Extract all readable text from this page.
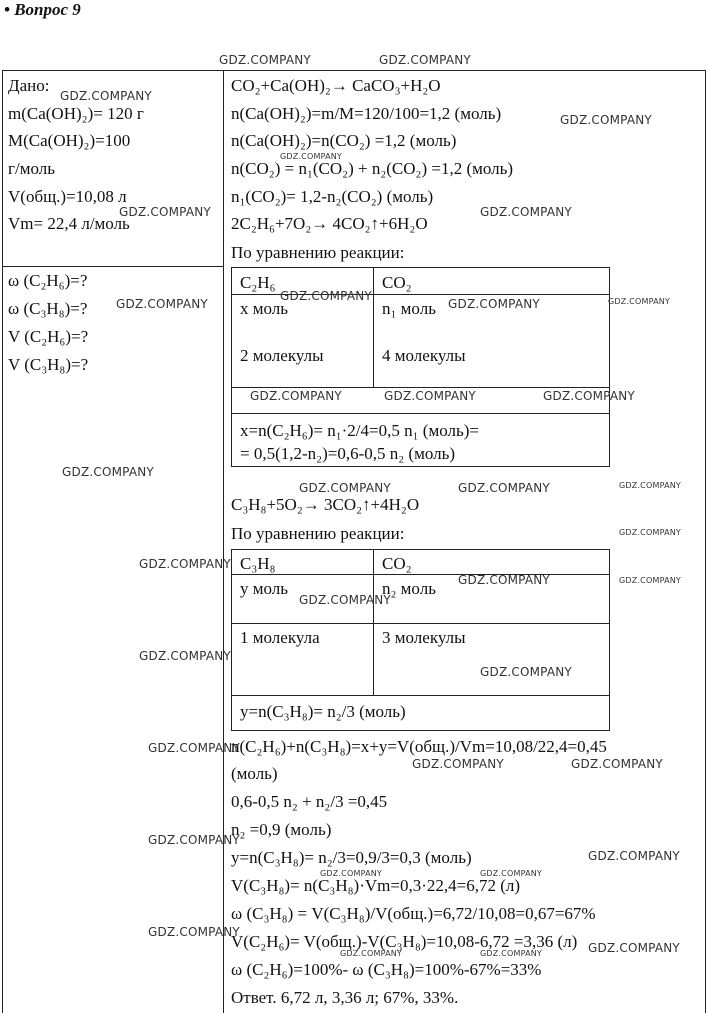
• Вопрос 9
Дано:
m(Ca(OH)₂)= 120 г
M(Ca(OH)₂)=100
г/моль
V(общ.)=10,08 л
Vm= 22,4 л/моль
ω (C₂H₆)=?
ω (C₃H₈)=?
V (C₂H₆)=?
V (C₃H₈)=?
CO₂+Ca(OH)₂→ CaCO₃+H₂O
n(Ca(OH)₂)=m/M=120/100=1,2 (моль)
n(Ca(OH)₂)=n(CO₂) =1,2 (моль)
n(CO₂) = n₁(CO₂) + n₂(CO₂) =1,2 (моль)
n₁(CO₂)= 1,2-n₂(CO₂) (моль)
2C₂H₆+7O₂→ 4CO₂↑+6H₂O
По уравнению реакции:
C₂H₆	CO₂
x моль	n₁ моль
2 молекулы	4 молекулы
x=n(C₂H₆)= n₁·2/4=0,5 n₁ (моль)=
= 0,5(1,2-n₂)=0,6-0,5 n₂ (моль)
C₃H₈+5O₂→ 3CO₂↑+4H₂O
По уравнению реакции:
C₃H₈	CO₂
y моль	n₂ моль
1 молекула	3 молекулы
y=n(C₃H₈)= n₂/3 (моль)
n(C₂H₆)+n(C₃H₈)=x+y=V(общ.)/Vm=10,08/22,4=0,45
(моль)
0,6-0,5 n₂ + n₂/3 =0,45
n₂ =0,9 (моль)
y=n(C₃H₈)= n₂/3=0,9/3=0,3 (моль)
V(C₃H₈)= n(C₃H₈)·Vm=0,3·22,4=6,72 (л)
ω (C₃H₈) = V(C₃H₈)/V(общ.)=6,72/10,08=0,67=67%
V(C₂H₆)= V(общ.)-V(C₃H₈)=10,08-6,72 =3,36 (л)
ω (C₂H₆)=100%- ω (C₃H₈)=100%-67%=33%
Ответ. 6,72 л, 3,36 л; 67%, 33%.
GDZ.COMPANY	GDZ.COMPANY
GDZ.COMPANY
GDZ.COMPANY
GDZ.COMPANY
GDZ.COMPANY	GDZ.COMPANY
GDZ.COMPANY
GDZ.COMPANY
GDZ.COMPANY	GDZ.COMPANY
GDZ.COMPANY	GDZ.COMPANY
GDZ.COMPANY
GDZ.COMPANY
GDZ.COMPANY	GDZ.COMPANY	GDZ.COMPANY
GDZ.COMPANY
GDZ.COMPANY
GDZ.COMPANY	GDZ.COMPANY
GDZ.COMPANY
GDZ.COMPANY
GDZ.COMPANY
GDZ.COMPANY
GDZ.COMPANY	GDZ.COMPANY
GDZ.COMPANY
GDZ.COMPANY
GDZ.COMPANY	GDZ.COMPANY
GDZ.COMPANY
GDZ.COMPANY
GDZ.COMPANY	GDZ.COMPANY
